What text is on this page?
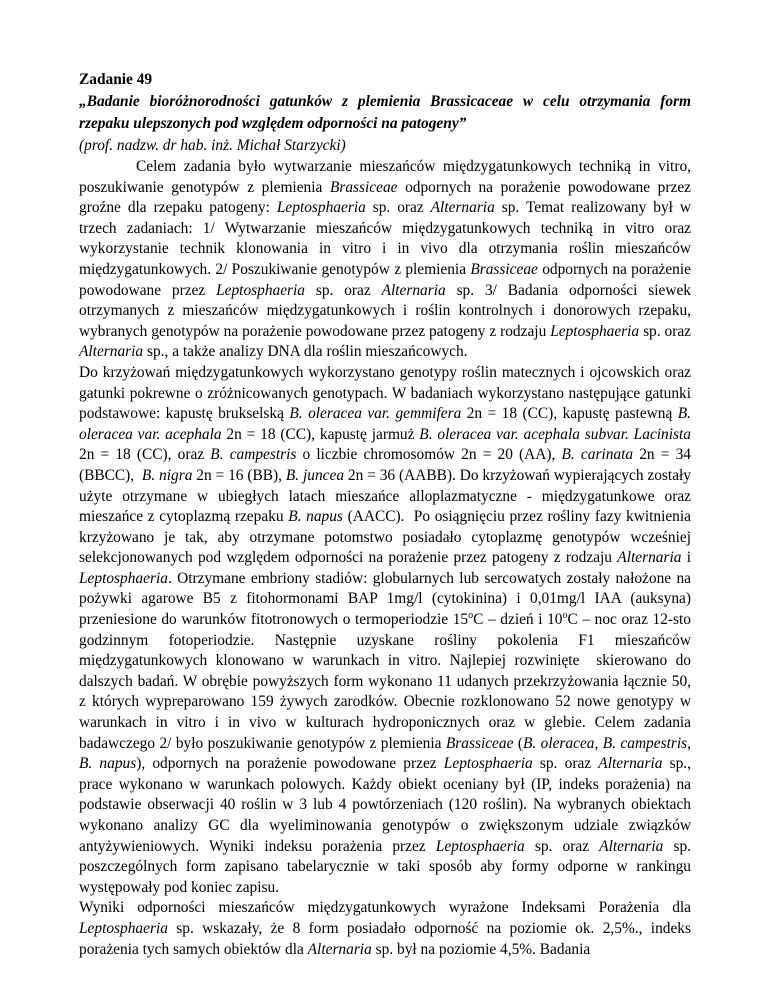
Zadanie 49
„Badanie bioróżnorodności gatunków z plemienia Brassicaceae w celu otrzymania form rzepaku ulepszonych pod względem odporności na patogeny”
(prof. nadzw. dr hab. inż. Michał Starzycki)

Celem zadania było wytwarzanie mieszańców międzygatunkowych techniką in vitro, poszukiwanie genotypów z plemienia Brassiceae odpornych na porażenie powodowane przez groźne dla rzepaku patogeny: Leptosphaeria sp. oraz Alternaria sp. Temat realizowany był w trzech zadaniach: 1/ Wytwarzanie mieszańców międzygatunkowych techniką in vitro oraz wykorzystanie technik klonowania in vitro i in vivo dla otrzymania roślin mieszańców międzygatunkowych. 2/ Poszukiwanie genotypów z plemienia Brassiceae odpornych na porażenie powodowane przez Leptosphaeria sp. oraz Alternaria sp. 3/ Badania odporności siewek otrzymanych z mieszańców międzygatunkowych i roślin kontrolnych i donorowych rzepaku, wybranych genotypów na porażenie powodowane przez patogeny z rodzaju Leptosphaeria sp. oraz Alternaria sp., a także analizy DNA dla roślin mieszańcowych.

Do krzyżowań międzygatunkowych wykorzystano genotypy roślin matecznych i ojcowskich oraz gatunki pokrewne o zróżnicowanych genotypach. W badaniach wykorzystano następujące gatunki podstawowe: kapustę brukselską B. oleracea var. gemmifera 2n = 18 (CC), kapustę pastewną B. oleracea var. acephala 2n = 18 (CC), kapustę jarmuż B. oleracea var. acephala subvar. Lacinista 2n = 18 (CC), oraz B. campestris o liczbie chromosomów 2n = 20 (AA), B. carinata 2n = 34 (BBCC),  B. nigra 2n = 16 (BB), B. juncea 2n = 36 (AABB). Do krzyżowań wypierających zostały użyte otrzymane w ubiegłych latach mieszańce alloplazmatyczne - międzygatunkowe oraz mieszańce z cytoplazmą rzepaku B. napus (AACC).  Po osiągnięciu przez rośliny fazy kwitnienia krzyżowano je tak, aby otrzymane potomstwo posiadało cytoplazmę genotypów wcześniej selekcjonowanych pod względem odporności na porażenie przez patogeny z rodzaju Alternaria i Leptosphaeria. Otrzymane embriony stadiów: globularnych lub sercowatych zostały nałożone na pożywki agarowe B5 z fitohormonami BAP 1mg/l (cytokinina) i 0,01mg/l IAA (auksyna) przeniesione do warunków fitotronowych o termoperiodzie 15$^o$C – dzień i 10$^o$C – noc oraz 12-sto godzinnym fotoperiodzie. Następnie uzyskane rośliny pokolenia F1 mieszańców międzygatunkowych klonowano w warunkach in vitro. Najlepiej rozwinięte  skierowano do dalszych badań. W obrębie powyższych form wykonano 11 udanych przekrzyżowania łącznie 50, z których wypreparowano 159 żywych zarodków. Obecnie rozklonowano 52 nowe genotypy w warunkach in vitro i in vivo w kulturach hydroponicznych oraz w glebie. Celem zadania badawczego 2/ było poszukiwanie genotypów z plemienia Brassiceae (B. oleracea, B. campestris, B. napus), odpornych na porażenie powodowane przez Leptosphaeria sp. oraz Alternaria sp., prace wykonano w warunkach polowych. Każdy obiekt oceniany był (IP, indeks porażenia) na podstawie obserwacji 40 roślin w 3 lub 4 powtórzeniach (120 roślin). Na wybranych obiektach wykonano analizy GC dla wyeliminowania genotypów o zwiększonym udziale związków antyżywieniowych. Wyniki indeksu porażenia przez Leptosphaeria sp. oraz Alternaria sp. poszczególnych form zapisano tabelarycznie w taki sposób aby formy odporne w rankingu występowały pod koniec zapisu.

Wyniki odporności mieszańców międzygatunkowych wyrażone Indeksami Porażenia dla Leptosphaeria sp. wskazały, że 8 form posiadało odporność na poziomie ok. 2,5%., indeks porażenia tych samych obiektów dla Alternaria sp. był na poziomie 4,5%. Badania
